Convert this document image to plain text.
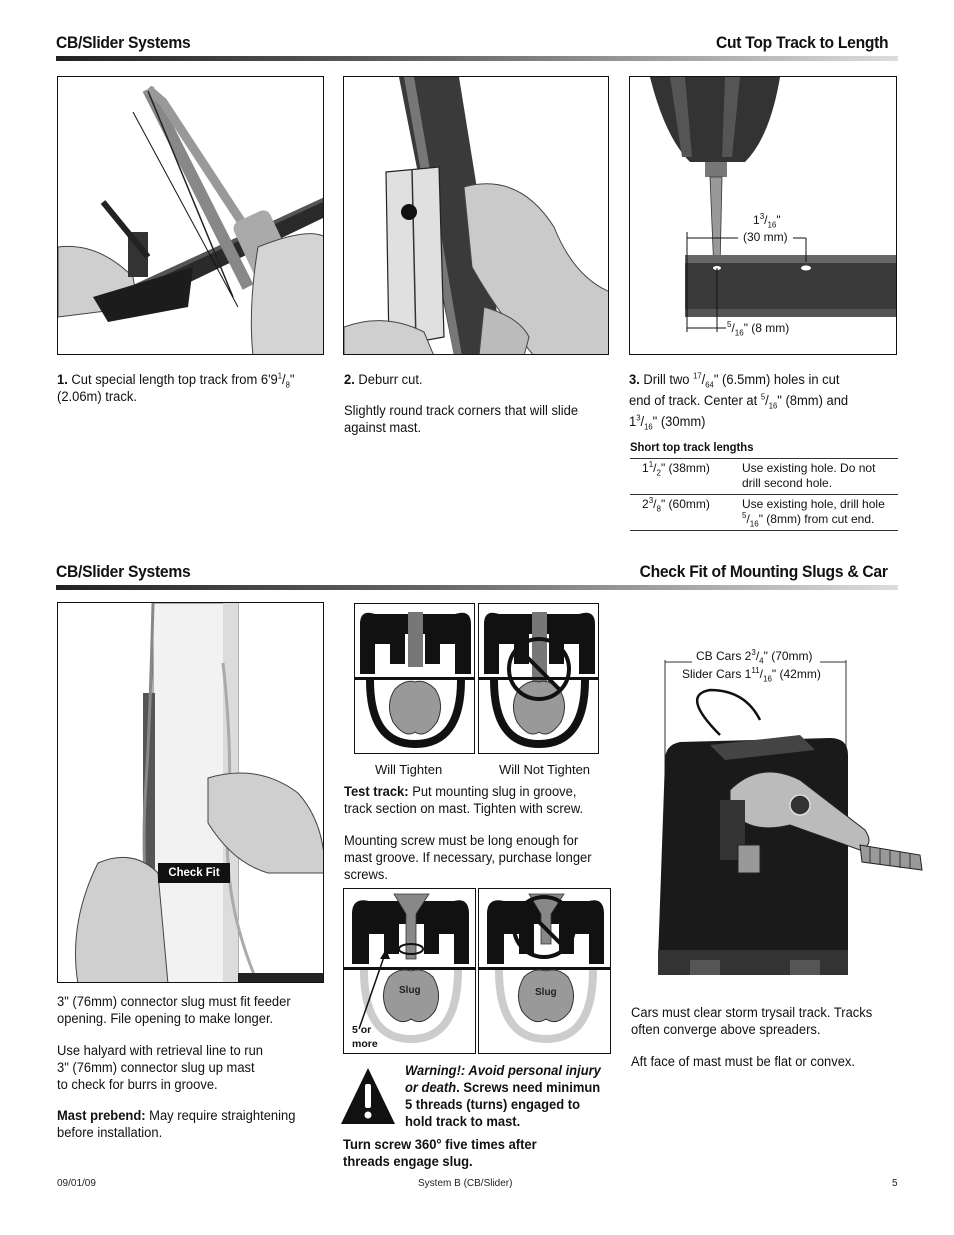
CB/Slider Systems	Cut Top Track to Length
$1^3/_{16}$"
(30 mm)
$^5/_{16}$" (8 mm)
1. Cut special length top track from $6'9^1/_8$"
(2.06m) track.
2. Deburr cut.
Slightly round track corners that will slide against mast.
3. Drill two $^{17}/_{64}$" (6.5mm) holes in cut
end of track. Center at $^5/_{16}$" (8mm) and
$1^3/_{16}$" (30mm)
Short top track lengths
$1^1/_2$" (38mm)	Use existing hole. Do not drill second hole.
$2^3/_8$" (60mm)	Use existing hole, drill hole
$^5/_{16}$" (8mm) from cut end.
CB/Slider Systems	Check Fit of Mounting Slugs & Car
Check Fit
Will Tighten	Will Not Tighten
Test track: Put mounting slug in groove, track section on mast. Tighten with screw.
Mounting screw must be long enough for mast groove. If necessary, purchase longer screws.
Slug
5 or
more
Slug
Warning!: Avoid personal injury or death. Screws need minimun 5 threads (turns) engaged to hold track to mast.
Turn screw 360° five times after threads engage slug.
3" (76mm) connector slug must fit feeder opening. File opening to make longer.
Use halyard with retrieval line to run
3" (76mm) connector slug up mast
to check for burrs in groove.
Mast prebend: May require straightening before installation.
CB Cars $2^3/_4$" (70mm)
Slider Cars $1^{11}/_{16}$" (42mm)
Cars must clear storm trysail track. Tracks often converge above spreaders.
Aft face of mast must be flat or convex.
09/01/09	System B (CB/Slider)	5
